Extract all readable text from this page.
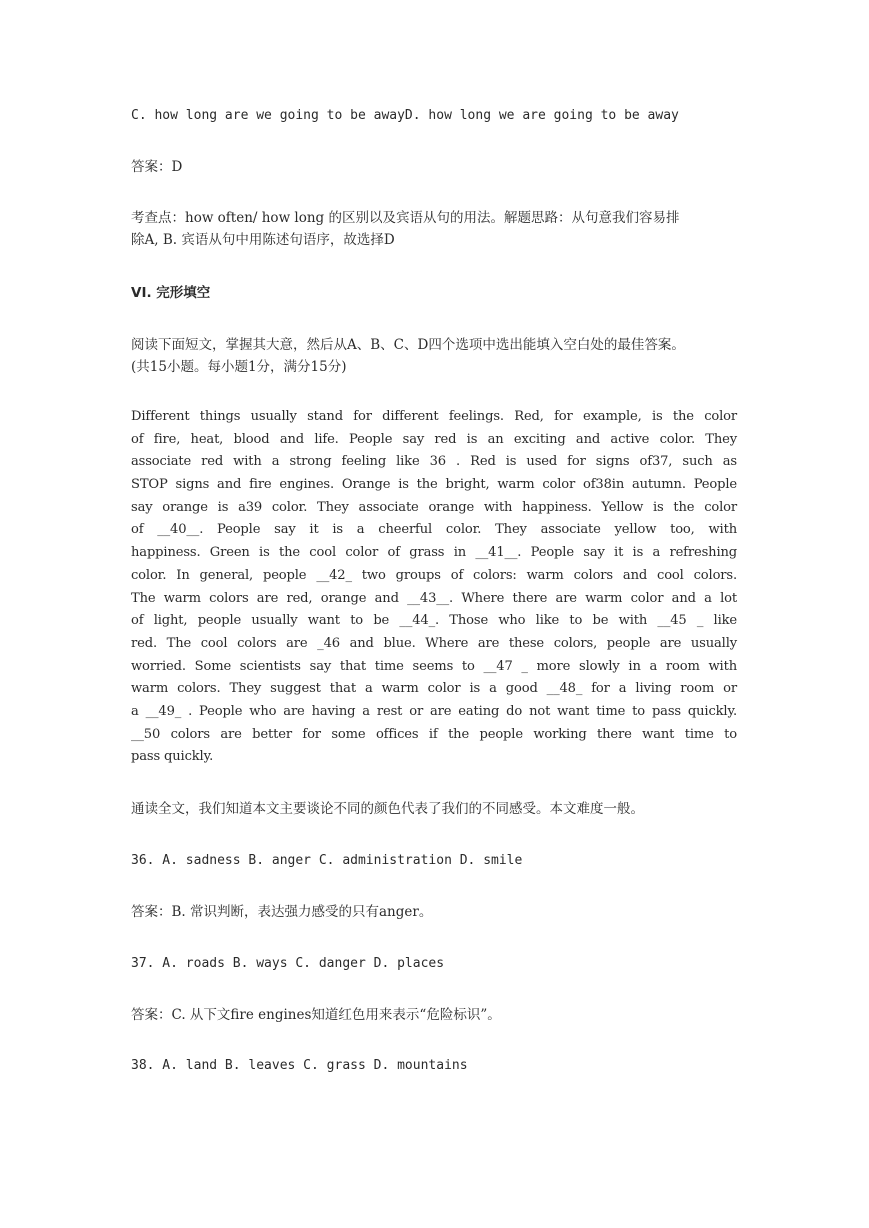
C. how long are we going to be awayD. how long we are going to be away
答案：D
考查点：how often/ how long 的区别以及宾语从句的用法。解题思路：从句意我们容易排
除A, B. 宾语从句中用陈述句语序，故选择D
VI. 完形填空
阅读下面短文，掌握其大意，然后从A、B、C、D四个选项中选出能填入空白处的最佳答案。
(共15小题。每小题1分，满分15分)
Different things usually stand for different feelings. Red, for example, is the color
of fire, heat, blood and life. People say red is an exciting and active color. They
associate red with a strong feeling like 36 . Red is used for signs of37, such as
STOP signs and fire engines. Orange is the bright, warm color of38in autumn. People
say orange is a39 color. They associate orange with happiness. Yellow is the color
of __40__. People say it is a cheerful color. They associate yellow too, with
happiness. Green is the cool color of grass in __41__. People say it is a refreshing
color. In general, people __42_ two groups of colors: warm colors and cool colors.
The warm colors are red, orange and __43__. Where there are warm color and a lot
of light, people usually want to be __44_. Those who like to be with __45 _ like
red. The cool colors are _46 and blue. Where are these colors, people are usually
worried. Some scientists say that time seems to __47 _ more slowly in a room with
warm colors. They suggest that a warm color is a good __48_ for a living room or
a __49_ . People who are having a rest or are eating do not want time to pass quickly.
__50 colors are better for some offices if the people working there want time to
pass quickly.
通读全文，我们知道本文主要谈论不同的颜色代表了我们的不同感受。本文难度一般。
36. A. sadness B. anger C. administration D. smile
答案：B. 常识判断，表达强力感受的只有anger。
37. A. roads B. ways C. danger D. places
答案：C. 从下文fire engines知道红色用来表示“危险标识”。
38. A. land B. leaves C. grass D. mountains
